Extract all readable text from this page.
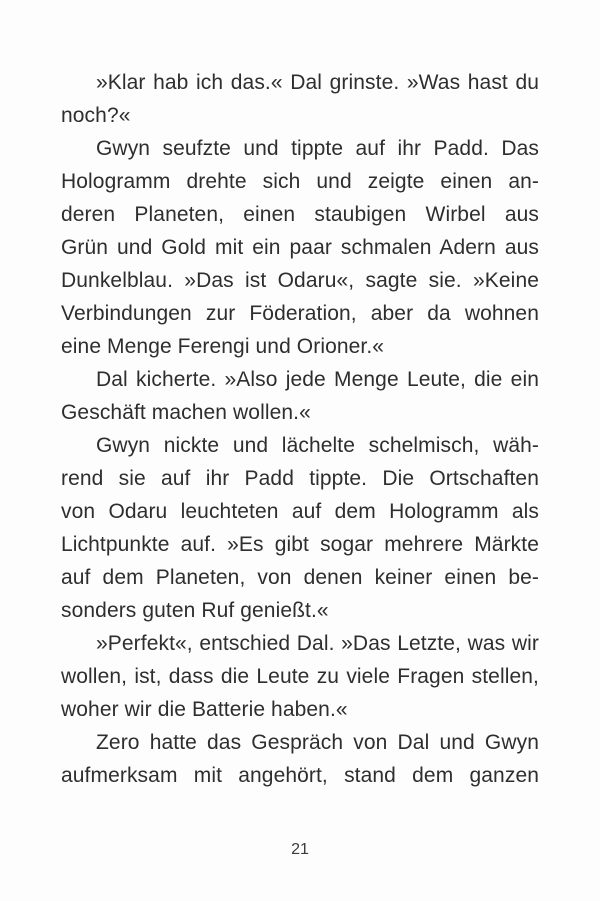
»Klar hab ich das.« Dal grinste. »Was hast du
noch?«
Gwyn seufzte und tippte auf ihr Padd. Das
Hologramm drehte sich und zeigte einen an-
deren Planeten, einen staubigen Wirbel aus
Grün und Gold mit ein paar schmalen Adern aus
Dunkelblau. »Das ist Odaru«, sagte sie. »Keine
Verbindungen zur Föderation, aber da wohnen
eine Menge Ferengi und Orioner.«
Dal kicherte. »Also jede Menge Leute, die ein
Geschäft machen wollen.«
Gwyn nickte und lächelte schelmisch, wäh-
rend sie auf ihr Padd tippte. Die Ortschaften
von Odaru leuchteten auf dem Hologramm als
Lichtpunkte auf. »Es gibt sogar mehrere Märkte
auf dem Planeten, von denen keiner einen be-
sonders guten Ruf genießt.«
»Perfekt«, entschied Dal. »Das Letzte, was wir
wollen, ist, dass die Leute zu viele Fragen stellen,
woher wir die Batterie haben.«
Zero hatte das Gespräch von Dal und Gwyn
aufmerksam mit angehört, stand dem ganzen
21
